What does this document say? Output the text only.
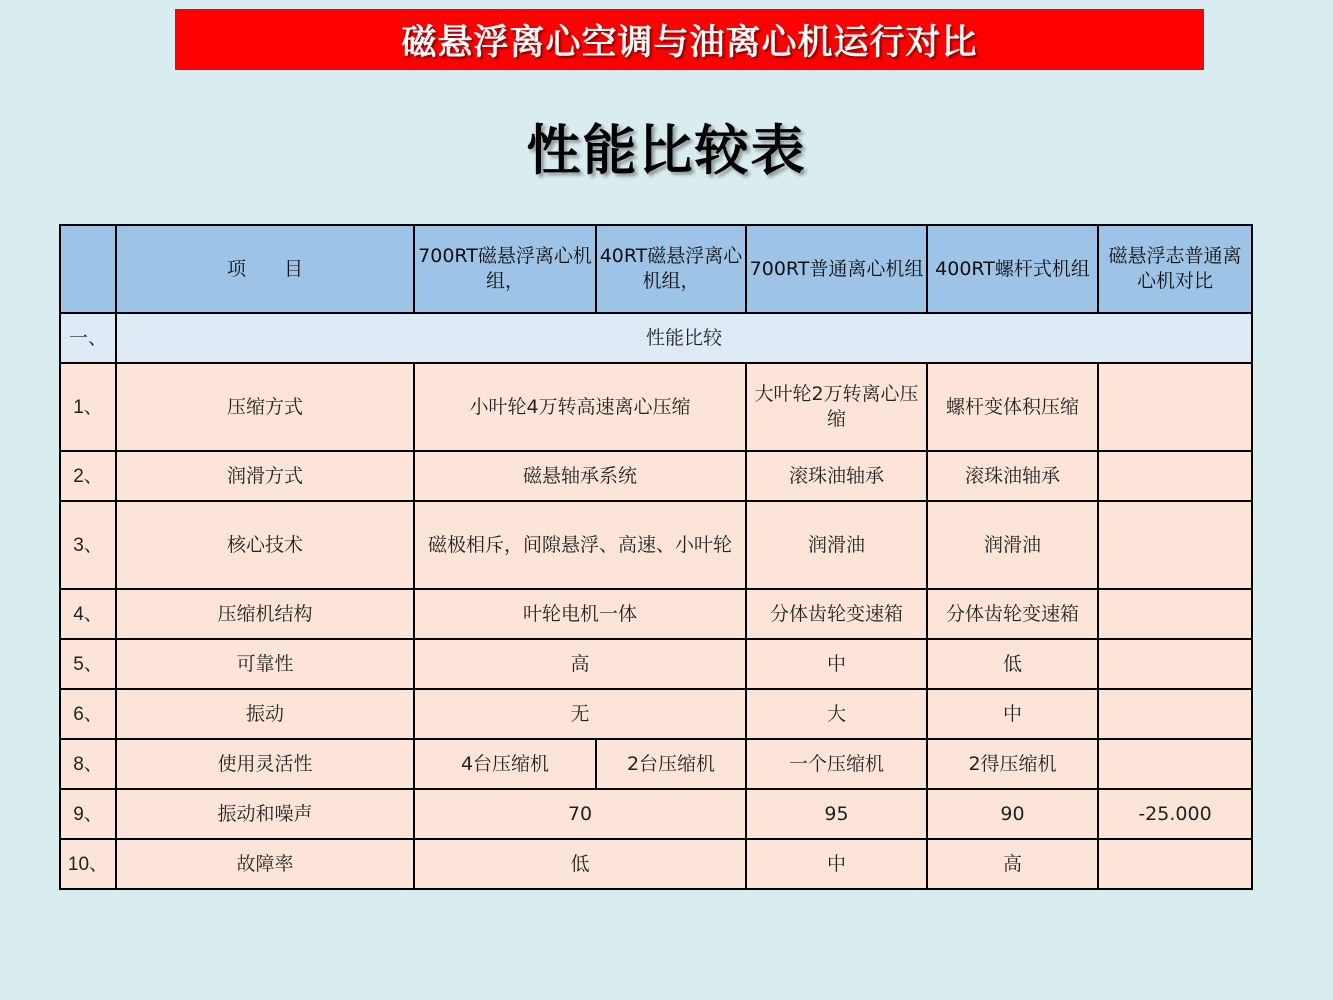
磁悬浮离心空调与油离心机运行对比
性能比较表
	项　　目	700RT磁悬浮离心机组，	40RT磁悬浮离心机组，	700RT普通离心机组	400RT螺杆式机组	磁悬浮志普通离心机对比
一、	性能比较					
1、	压缩方式	小叶轮4万转高速离心压缩		大叶轮2万转离心压缩	螺杆变体积压缩	
2、	润滑方式	磁悬轴承系统		滚珠油轴承	滚珠油轴承	
3、	核心技术	磁极相斥，间隙悬浮、高速、小叶轮		润滑油	润滑油	
4、	压缩机结构	叶轮电机一体		分体齿轮变速箱	分体齿轮变速箱	
5、	可靠性	高		中	低	
6、	振动	无		大	中	
8、	使用灵活性	4台压缩机	2台压缩机	一个压缩机	2得压缩机	
9、	振动和噪声	70		95	90	-25.000
10、	故障率	低		中	高	
